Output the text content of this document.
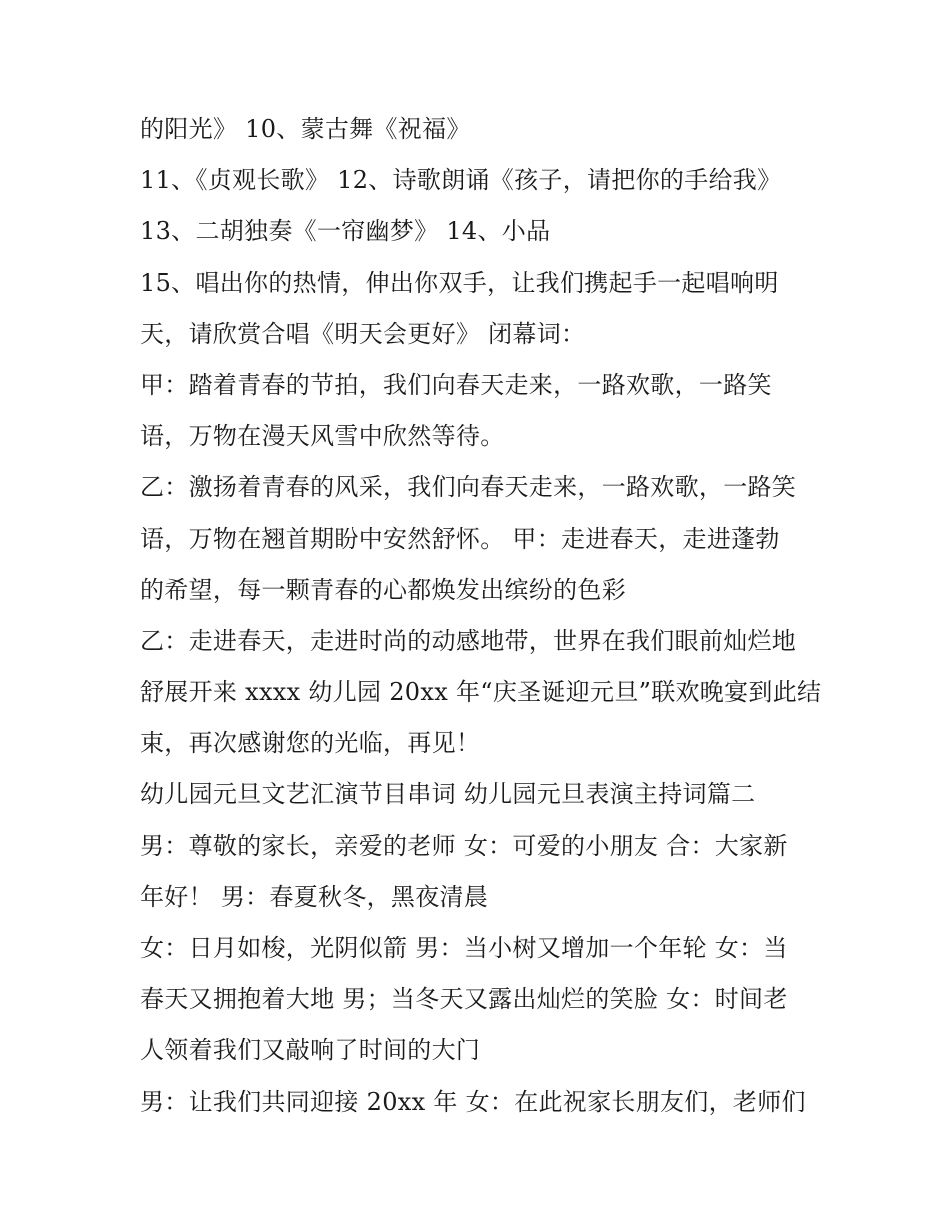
的阳光》 10、蒙古舞《祝福》
11、《贞观长歌》 12、诗歌朗诵《孩子，请把你的手给我》
13、二胡独奏《一帘幽梦》 14、小品
15、唱出你的热情，伸出你双手，让我们携起手一起唱响明
天，请欣赏合唱《明天会更好》 闭幕词：
甲：踏着青春的节拍，我们向春天走来，一路欢歌，一路笑
语，万物在漫天风雪中欣然等待。
乙：激扬着青春的风采，我们向春天走来，一路欢歌，一路笑
语，万物在翘首期盼中安然舒怀。 甲：走进春天，走进蓬勃
的希望，每一颗青春的心都焕发出缤纷的色彩
乙：走进春天，走进时尚的动感地带，世界在我们眼前灿烂地
舒展开来 xxxx 幼儿园 20xx 年“庆圣诞迎元旦”联欢晚宴到此结
束，再次感谢您的光临，再见！
幼儿园元旦文艺汇演节目串词 幼儿园元旦表演主持词篇二
男：尊敬的家长，亲爱的老师 女：可爱的小朋友 合：大家新
年好！ 男：春夏秋冬，黑夜清晨
女：日月如梭，光阴似箭 男：当小树又增加一个年轮 女：当
春天又拥抱着大地 男；当冬天又露出灿烂的笑脸 女：时间老
人领着我们又敲响了时间的大门
男：让我们共同迎接 20xx 年 女：在此祝家长朋友们，老师们
